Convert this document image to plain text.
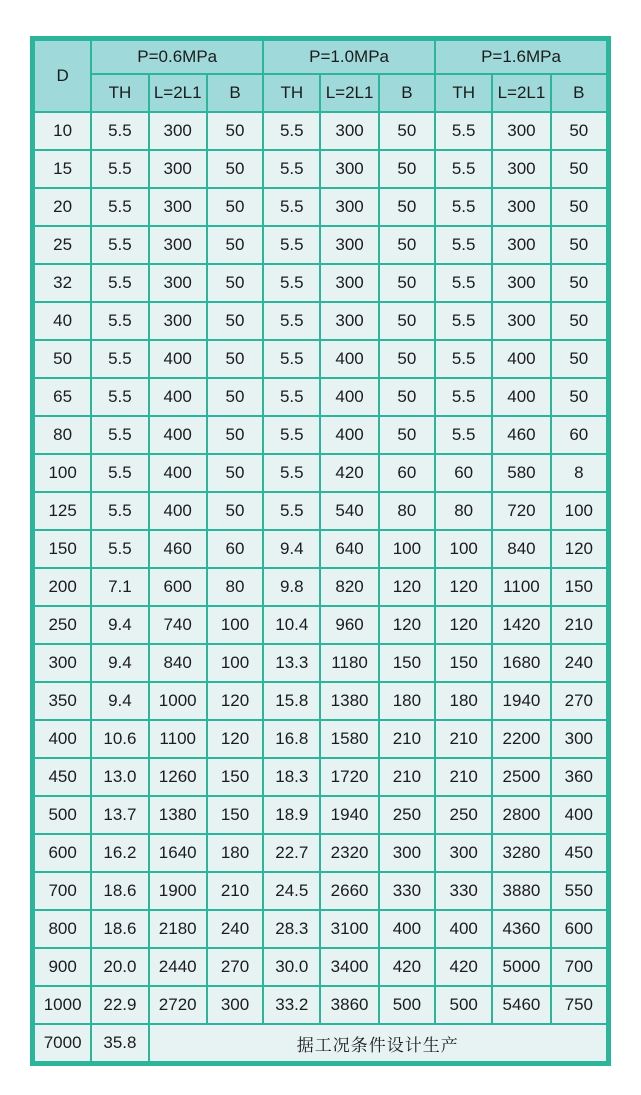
D	P=0.6MPa			P=1.0MPa			P=1.6MPa		
	TH	L=2L1	B	TH	L=2L1	B	TH	L=2L1	B
10	5.5	300	50	5.5	300	50	5.5	300	50
15	5.5	300	50	5.5	300	50	5.5	300	50
20	5.5	300	50	5.5	300	50	5.5	300	50
25	5.5	300	50	5.5	300	50	5.5	300	50
32	5.5	300	50	5.5	300	50	5.5	300	50
40	5.5	300	50	5.5	300	50	5.5	300	50
50	5.5	400	50	5.5	400	50	5.5	400	50
65	5.5	400	50	5.5	400	50	5.5	400	50
80	5.5	400	50	5.5	400	50	5.5	460	60
100	5.5	400	50	5.5	420	60	60	580	8
125	5.5	400	50	5.5	540	80	80	720	100
150	5.5	460	60	9.4	640	100	100	840	120
200	7.1	600	80	9.8	820	120	120	1100	150
250	9.4	740	100	10.4	960	120	120	1420	210
300	9.4	840	100	13.3	1180	150	150	1680	240
350	9.4	1000	120	15.8	1380	180	180	1940	270
400	10.6	1100	120	16.8	1580	210	210	2200	300
450	13.0	1260	150	18.3	1720	210	210	2500	360
500	13.7	1380	150	18.9	1940	250	250	2800	400
600	16.2	1640	180	22.7	2320	300	300	3280	450
700	18.6	1900	210	24.5	2660	330	330	3880	550
800	18.6	2180	240	28.3	3100	400	400	4360	600
900	20.0	2440	270	30.0	3400	420	420	5000	700
1000	22.9	2720	300	33.2	3860	500	500	5460	750
7000	35.8	据工况条件设计生产							
